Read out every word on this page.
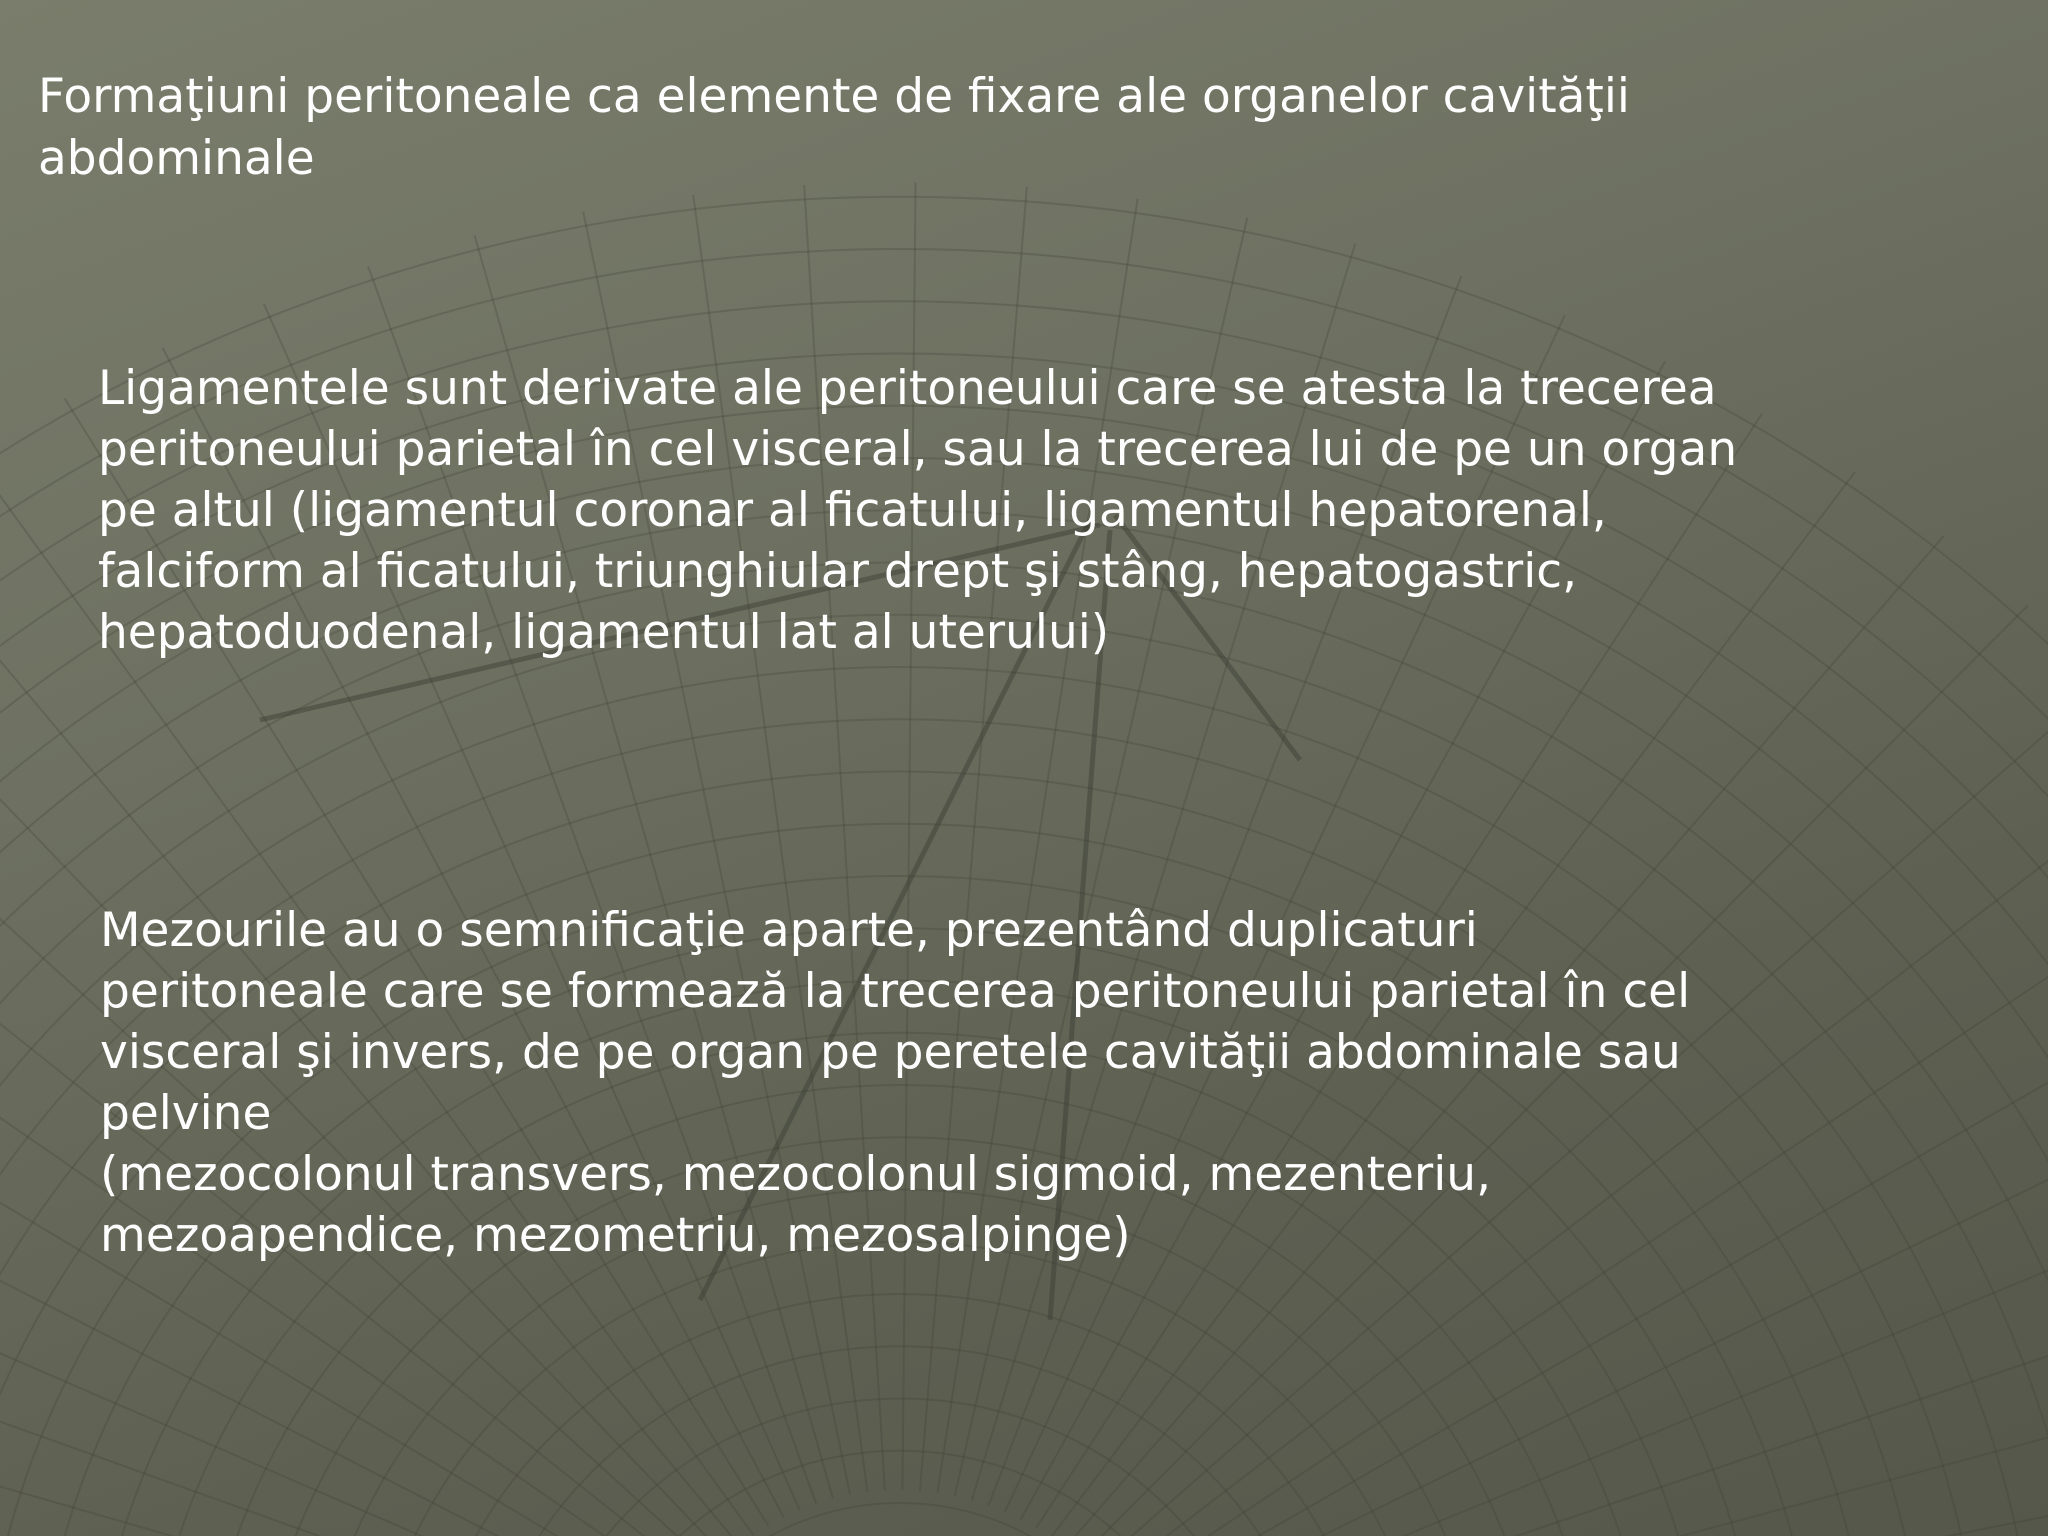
Formaţiuni peritoneale ca elemente de fixare ale organelor cavităţii
abdominale
Ligamentele sunt derivate ale peritoneului care se atesta la trecerea
peritoneului parietal în cel visceral, sau la trecerea lui de pe un organ
pe altul (ligamentul coronar al ficatului, ligamentul hepatorenal,
falciform al ficatului, triunghiular drept şi stâng, hepatogastric,
hepatoduodenal, ligamentul lat al uterului)
Mezourile au o semnificaţie aparte, prezentând duplicaturi
peritoneale care se formează la trecerea peritoneului parietal în cel
visceral şi invers, de pe organ pe peretele cavităţii abdominale sau
pelvine
(mezocolonul transvers, mezocolonul sigmoid, mezenteriu,
mezoapendice, mezometriu, mezosalpinge)
